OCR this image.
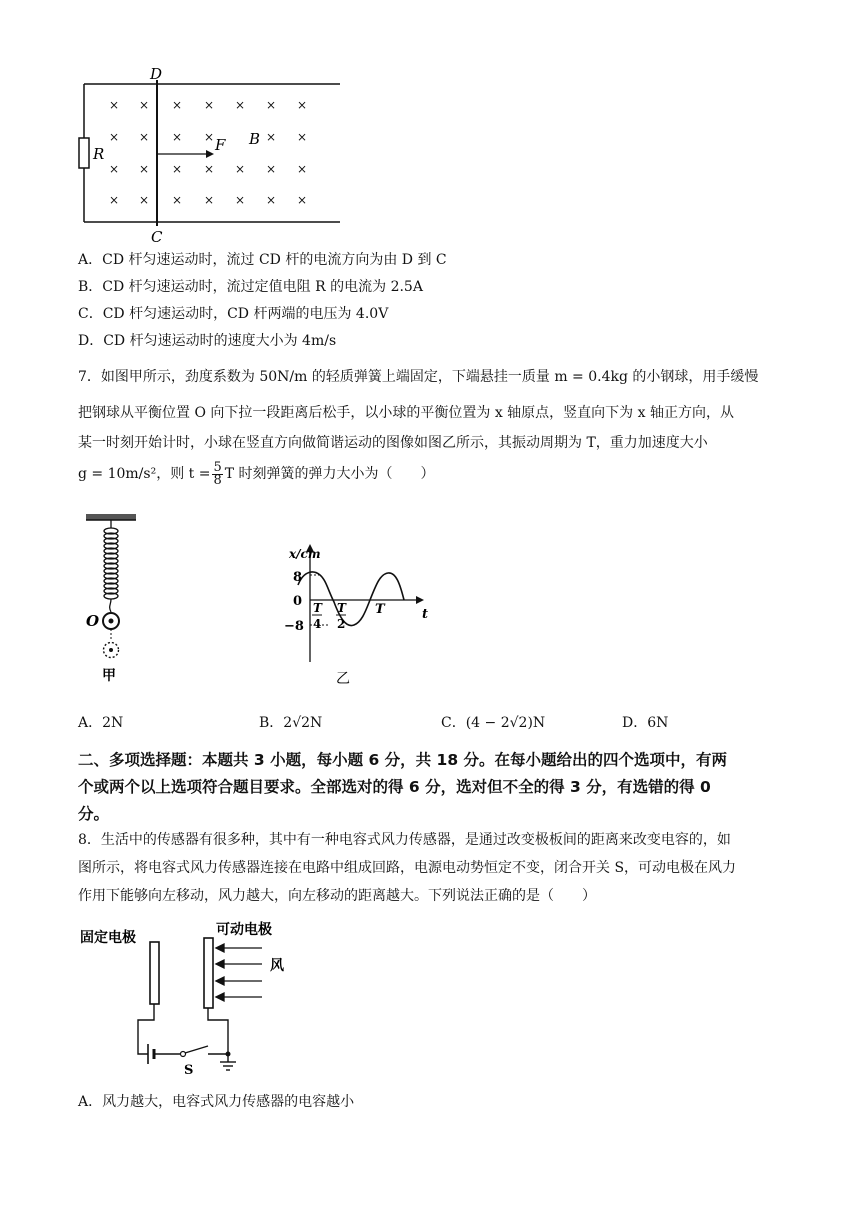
× × × × × × ×
× × × ×	× ×
× × × × × × ×
× × × × × × ×
D
C
R	F B
A．CD 杆匀速运动时，流过 CD 杆的电流方向为由 D 到 C
B．CD 杆匀速运动时，流过定值电阻 R 的电流为 2.5A
C．CD 杆匀速运动时，CD 杆两端的电压为 4.0V
D．CD 杆匀速运动时的速度大小为 4m/s
7．如图甲所示，劲度系数为 50N/m 的轻质弹簧上端固定，下端悬挂一质量 m = 0.4kg 的小钢球，用手缓慢
把钢球从平衡位置 O 向下拉一段距离后松手，以小球的平衡位置为 x 轴原点，竖直向下为 x 轴正方向，从
某一时刻开始计时，小球在竖直方向做简谐运动的图像如图乙所示，其振动周期为 T，重力加速度大小
g = 10m/s²，则 $t = \frac{5}{8}$ T 时刻弹簧的弹力大小为（　　）
O
甲
x/cm
8
0
−8
t
T
4
T
2
T
乙
A．2N	B．2√2N	C．(4 − 2√2)N	D．6N
二、多项选择题：本题共 3 小题，每小题 6 分，共 18 分。在每小题给出的四个选项中，有两
个或两个以上选项符合题目要求。全部选对的得 6 分，选对但不全的得 3 分，有选错的得 0
分。
8．生活中的传感器有很多种，其中有一种电容式风力传感器，是通过改变极板间的距离来改变电容的，如
图所示，将电容式风力传感器连接在电路中组成回路，电源电动势恒定不变，闭合开关 S，可动电极在风力
作用下能够向左移动，风力越大，向左移动的距离越大。下列说法正确的是（　　）
固定电极	可动电极
风
S
A．风力越大，电容式风力传感器的电容越小
